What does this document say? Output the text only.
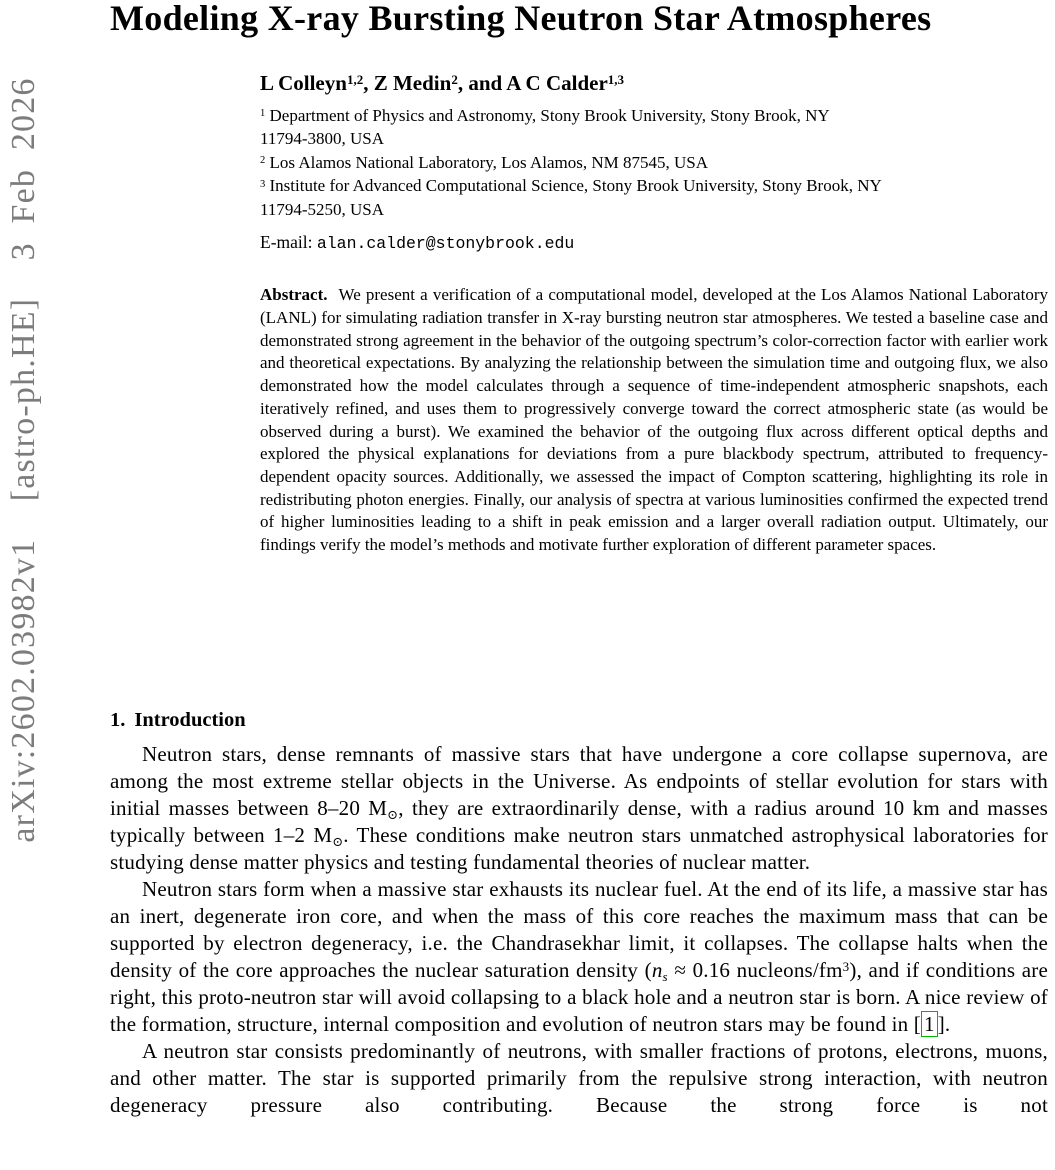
arXiv:2602.03982v1  [astro-ph.HE]  3 Feb 2026
Modeling X-ray Bursting Neutron Star Atmospheres

L Colleyn$^{1,2}$, Z Medin$^2$, and A C Calder$^{1,3}$

$^1$ Department of Physics and Astronomy, Stony Brook University, Stony Brook, NY
11794-3800, USA

$^2$ Los Alamos National Laboratory, Los Alamos, NM 87545, USA

$^3$ Institute for Advanced Computational Science, Stony Brook University, Stony Brook, NY
11794-5250, USA

E-mail: alan.calder@stonybrook.edu

Abstract. We present a verification of a computational model, developed at the Los Alamos National Laboratory (LANL) for simulating radiation transfer in X-ray bursting neutron star atmospheres. We tested a baseline case and demonstrated strong agreement in the behavior of the outgoing spectrum’s color-correction factor with earlier work and theoretical expectations. By analyzing the relationship between the simulation time and outgoing flux, we also demonstrated how the model calculates through a sequence of time-independent atmospheric snapshots, each iteratively refined, and uses them to progressively converge toward the correct atmospheric state (as would be observed during a burst). We examined the behavior of the outgoing flux across different optical depths and explored the physical explanations for deviations from a pure blackbody spectrum, attributed to frequency-dependent opacity sources. Additionally, we assessed the impact of Compton scattering, highlighting its role in redistributing photon energies. Finally, our analysis of spectra at various luminosities confirmed the expected trend of higher luminosities leading to a shift in peak emission and a larger overall radiation output. Ultimately, our findings verify the model’s methods and motivate further exploration of different parameter spaces.

1. Introduction

Neutron stars, dense remnants of massive stars that have undergone a core collapse supernova, are among the most extreme stellar objects in the Universe. As endpoints of stellar evolution for stars with initial masses between 8–20 $M_⊙$, they are extraordinarily dense, with a radius around 10 km and masses typically between 1–2 $M_⊙$. These conditions make neutron stars unmatched astrophysical laboratories for studying dense matter physics and testing fundamental theories of nuclear matter.

Neutron stars form when a massive star exhausts its nuclear fuel. At the end of its life, a massive star has an inert, degenerate iron core, and when the mass of this core reaches the maximum mass that can be supported by electron degeneracy, i.e. the Chandrasekhar limit, it collapses. The collapse halts when the density of the core approaches the nuclear saturation density ($n_s \approx 0.16$ nucleons/$fm^3$), and if conditions are right, this proto-neutron star will avoid collapsing to a black hole and a neutron star is born. A nice review of the formation, structure, internal composition and evolution of neutron stars may be found in [ 1 ].

A neutron star consists predominantly of neutrons, with smaller fractions of protons, electrons, muons, and other matter. The star is supported primarily from the repulsive strong interaction, with neutron degeneracy pressure also contributing. Because the strong force is not
